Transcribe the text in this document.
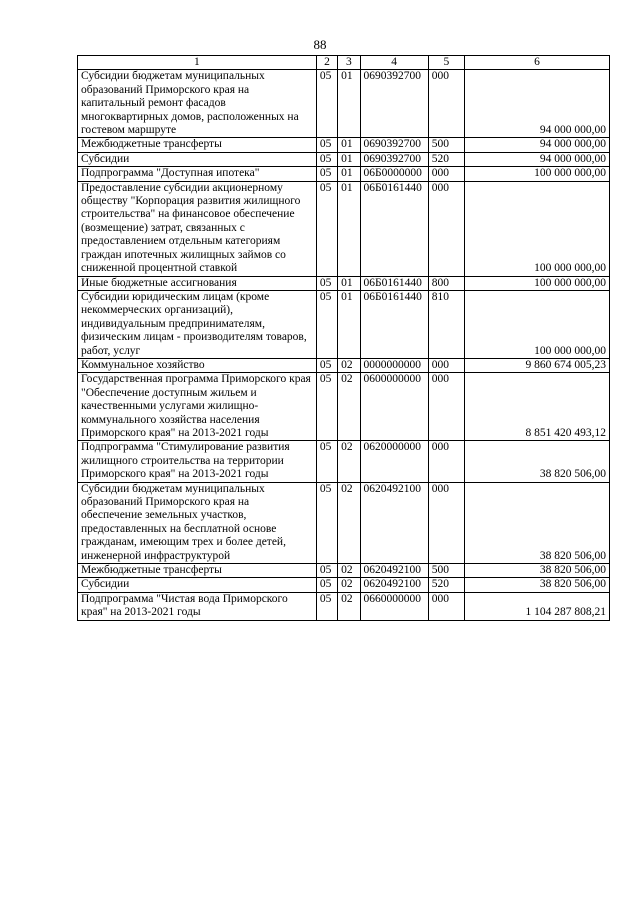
88
1	2	3	4	5	6
Субсидии бюджетам муниципальных образований Приморского края на капитальный ремонт фасадов многоквартирных домов, расположенных на гостевом маршруте	05	01	0690392700	000	94 000 000,00
Межбюджетные трансферты	05	01	0690392700	500	94 000 000,00
Субсидии	05	01	0690392700	520	94 000 000,00
Подпрограмма "Доступная ипотека"	05	01	06Б0000000	000	100 000 000,00
Предоставление субсидии акционерному обществу "Корпорация развития жилищного строительства" на финансовое обеспечение (возмещение) затрат, связанных с предоставлением отдельным категориям граждан ипотечных жилищных займов со сниженной процентной ставкой	05	01	06Б0161440	000	100 000 000,00
Иные бюджетные ассигнования	05	01	06Б0161440	800	100 000 000,00
Субсидии юридическим лицам (кроме некоммерческих организаций), индивидуальным предпринимателям, физическим лицам - производителям товаров, работ, услуг	05	01	06Б0161440	810	100 000 000,00
Коммунальное хозяйство	05	02	0000000000	000	9 860 674 005,23
Государственная программа Приморского края "Обеспечение доступным жильем и качественными услугами жилищно-коммунального хозяйства населения Приморского края" на 2013-2021 годы	05	02	0600000000	000	8 851 420 493,12
Подпрограмма "Стимулирование развития жилищного строительства на территории Приморского края" на 2013-2021 годы	05	02	0620000000	000	38 820 506,00
Субсидии бюджетам муниципальных образований Приморского края на обеспечение земельных участков, предоставленных на бесплатной основе гражданам, имеющим трех и более детей, инженерной инфраструктурой	05	02	0620492100	000	38 820 506,00
Межбюджетные трансферты	05	02	0620492100	500	38 820 506,00
Субсидии	05	02	0620492100	520	38 820 506,00
Подпрограмма "Чистая вода Приморского края" на 2013-2021 годы	05	02	0660000000	000	1 104 287 808,21
